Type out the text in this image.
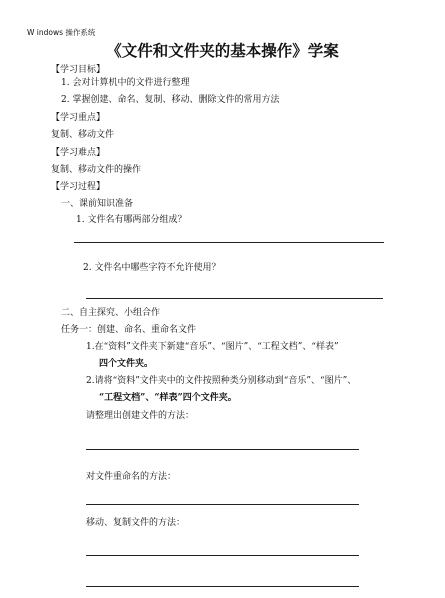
W indows 操作系统
《文件和文件夹的基本操作》学案
【学习目标】
1. 会对计算机中的文件进行整理
2. 掌握创建、命名、复制、移动、删除文件的常用方法
【学习重点】
复制、移动文件
【学习难点】
复制、移动文件的操作
【学习过程】
一、课前知识准备
1. 文件名有哪两部分组成？
2. 文件名中哪些字符不允许使用？
二、自主探究、小组合作
任务一：创建、命名、重命名文件
1.在“资料”文件夹下新建“音乐”、“图片”、“工程文档”、“样表”
四个文件夹。
2.请将“资料”文件夹中的文件按照种类分别移动到“音乐”、“图片”、
“工程文档”、“样表”四个文件夹。
请整理出创建文件的方法：
对文件重命名的方法：
移动、复制文件的方法：
